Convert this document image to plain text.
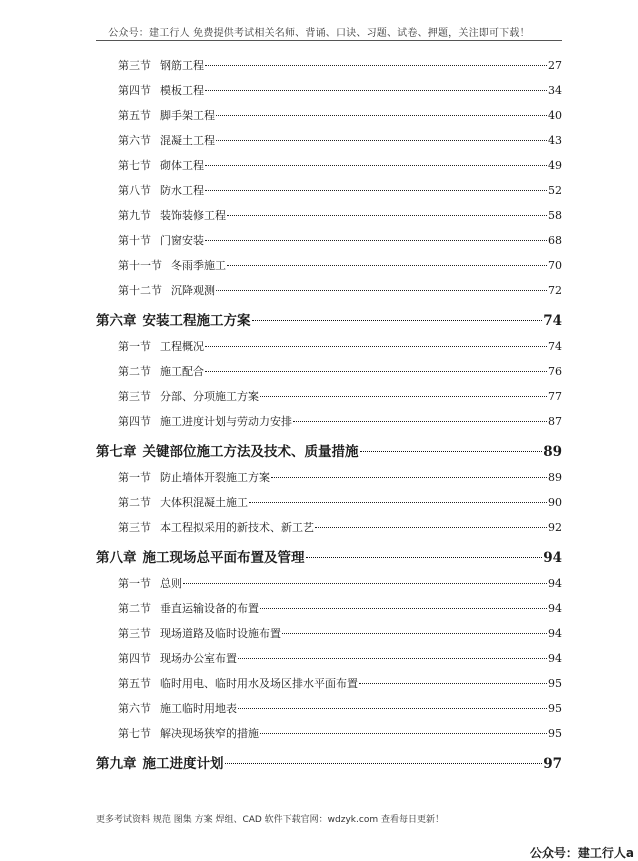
公众号：建工行人 免费提供考试相关名师、背诵、口诀、习题、试卷、押题，关注即可下载！
第三节 钢筋工程	27
第四节 模板工程	34
第五节 脚手架工程	40
第六节 混凝土工程	43
第七节 砌体工程	49
第八节 防水工程	52
第九节 装饰装修工程	58
第十节 门窗安装	68
第十一节 冬雨季施工	70
第十二节 沉降观测	72
第六章 安装工程施工方案	74
第一节 工程概况	74
第二节 施工配合	76
第三节 分部、分项施工方案	77
第四节 施工进度计划与劳动力安排	87
第七章 关键部位施工方法及技术、质量措施	89
第一节 防止墙体开裂施工方案	89
第二节 大体积混凝土施工	90
第三节 本工程拟采用的新技术、新工艺	92
第八章 施工现场总平面布置及管理	94
第一节 总则	94
第二节 垂直运输设备的布置	94
第三节 现场道路及临时设施布置	94
第四节 现场办公室布置	94
第五节 临时用电、临时用水及场区排水平面布置	95
第六节 施工临时用地表	95
第七节 解决现场狭窄的措施	95
第九章 施工进度计划	97
更多考试资料 规范 图集 方案 焊组、CAD 软件下载官网：wdzyk.com 查看每日更新！
公众号：建工行人a
